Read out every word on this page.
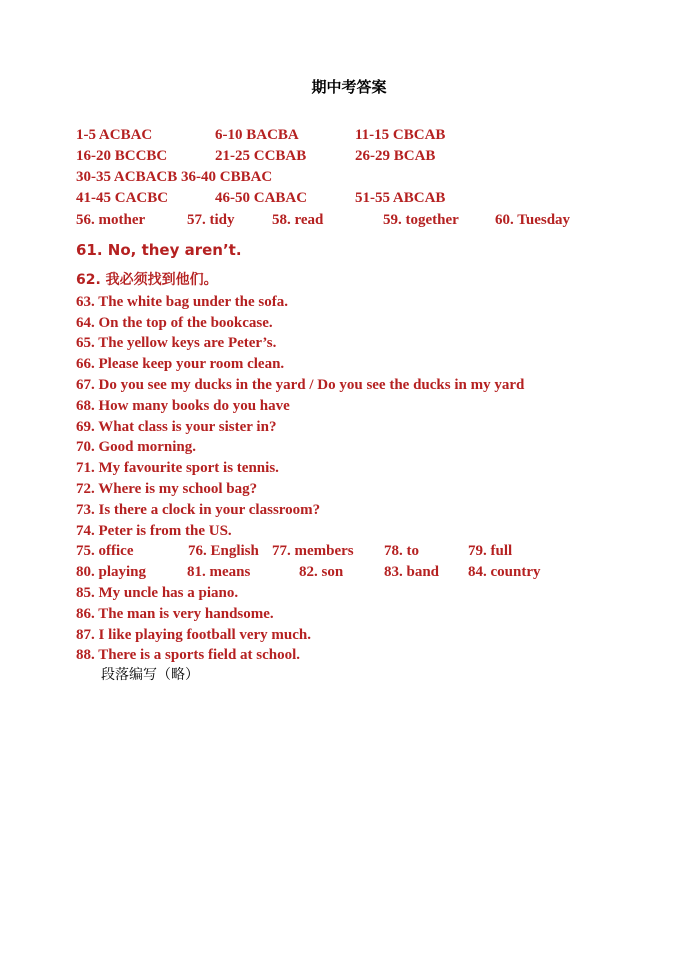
期中考答案
1-5 ACBAC	6-10 BACBA	11-15 CBCAB
16-20 BCCBC	21-25 CCBAB	26-29 BCAB
30-35 ACBACB 36-40 CBBAC
41-45 CACBC	46-50 CABAC	51-55 ABCAB
56. mother	57. tidy 58. read	59. together 60. Tuesday
61. No, they aren’t.
62. 我必须找到他们。
63. The white bag under the sofa.
64. On the top of the bookcase.
65. The yellow keys are Peter’s.
66. Please keep your room clean.
67. Do you see my ducks in the yard / Do you see the ducks in my yard
68. How many books do you have
69. What class is your sister in?
70. Good morning.
71. My favourite sport is tennis.
72. Where is my school bag?
73. Is there a clock in your classroom?
74. Peter is from the US.
75. office	76. English 77. members 78. to	79. full
80. playing	81. means	82. son	83. band 84. country
85. My uncle has a piano.
86. The man is very handsome.
87. I like playing football very much.
88. There is a sports field at school.
段落编写（略）
